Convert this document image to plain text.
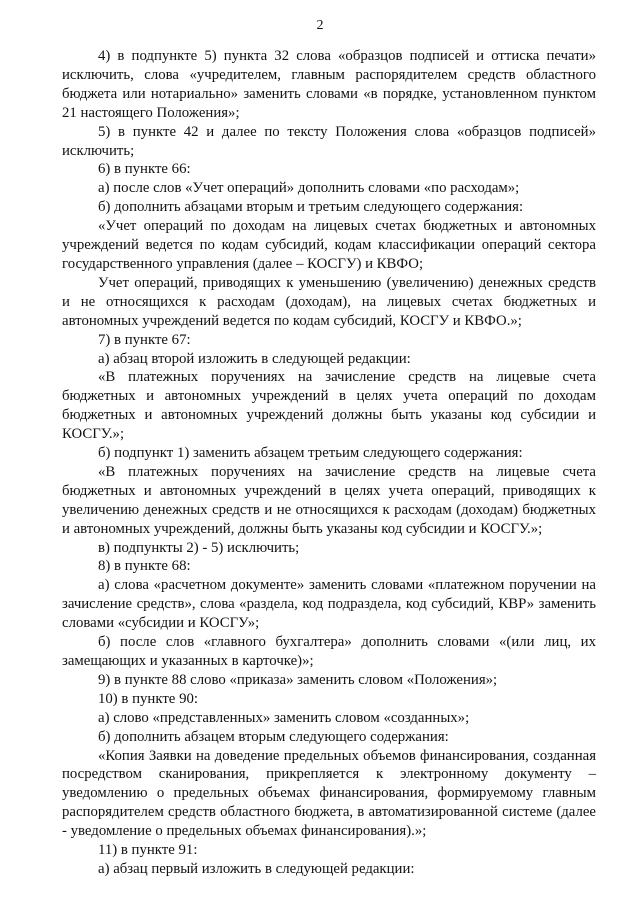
2

4) в подпункте 5) пункта 32 слова «образцов подписей и оттиска печати» исключить, слова «учредителем, главным распорядителем средств областного бюджета или нотариально» заменить словами «в порядке, установленном пунктом 21 настоящего Положения»;

5) в пункте 42 и далее по тексту Положения слова «образцов подписей» исключить;

6) в пункте 66:

а) после слов «Учет операций» дополнить словами «по расходам»;

б) дополнить абзацами вторым и третьим следующего содержания:

«Учет операций по доходам на лицевых счетах бюджетных и автономных учреждений ведется по кодам субсидий, кодам классификации операций сектора государственного управления (далее – КОСГУ) и КВФО;

Учет операций, приводящих к уменьшению (увеличению) денежных средств и не относящихся к расходам (доходам), на лицевых счетах бюджетных и автономных учреждений ведется по кодам субсидий, КОСГУ и КВФО.»;

7) в пункте 67:

а) абзац второй изложить в следующей редакции:

«В платежных поручениях на зачисление средств на лицевые счета бюджетных и автономных учреждений в целях учета операций по доходам бюджетных и автономных учреждений должны быть указаны код субсидии и КОСГУ.»;

б) подпункт 1) заменить абзацем третьим следующего содержания:

«В платежных поручениях на зачисление средств на лицевые счета бюджетных и автономных учреждений в целях учета операций, приводящих к увеличению денежных средств и не относящихся к расходам (доходам) бюджетных и автономных учреждений, должны быть указаны код субсидии и КОСГУ.»;

в) подпункты 2) - 5) исключить;

8) в пункте 68:

а) слова «расчетном документе» заменить словами «платежном поручении на зачисление средств», слова «раздела, код подраздела, код субсидий, КВР» заменить словами «субсидии и КОСГУ»;

б) после слов «главного бухгалтера» дополнить словами «(или лиц, их замещающих и указанных в карточке)»;

9) в пункте 88 слово «приказа» заменить словом «Положения»;

10) в пункте 90:

а) слово «представленных» заменить словом «созданных»;

б) дополнить абзацем вторым следующего содержания:

«Копия Заявки на доведение предельных объемов финансирования, созданная посредством сканирования, прикрепляется к электронному документу – уведомлению о предельных объемах финансирования, формируемому главным распорядителем средств областного бюджета, в автоматизированной системе (далее - уведомление о предельных объемах финансирования).»;

11) в пункте 91:

а) абзац первый изложить в следующей редакции:
